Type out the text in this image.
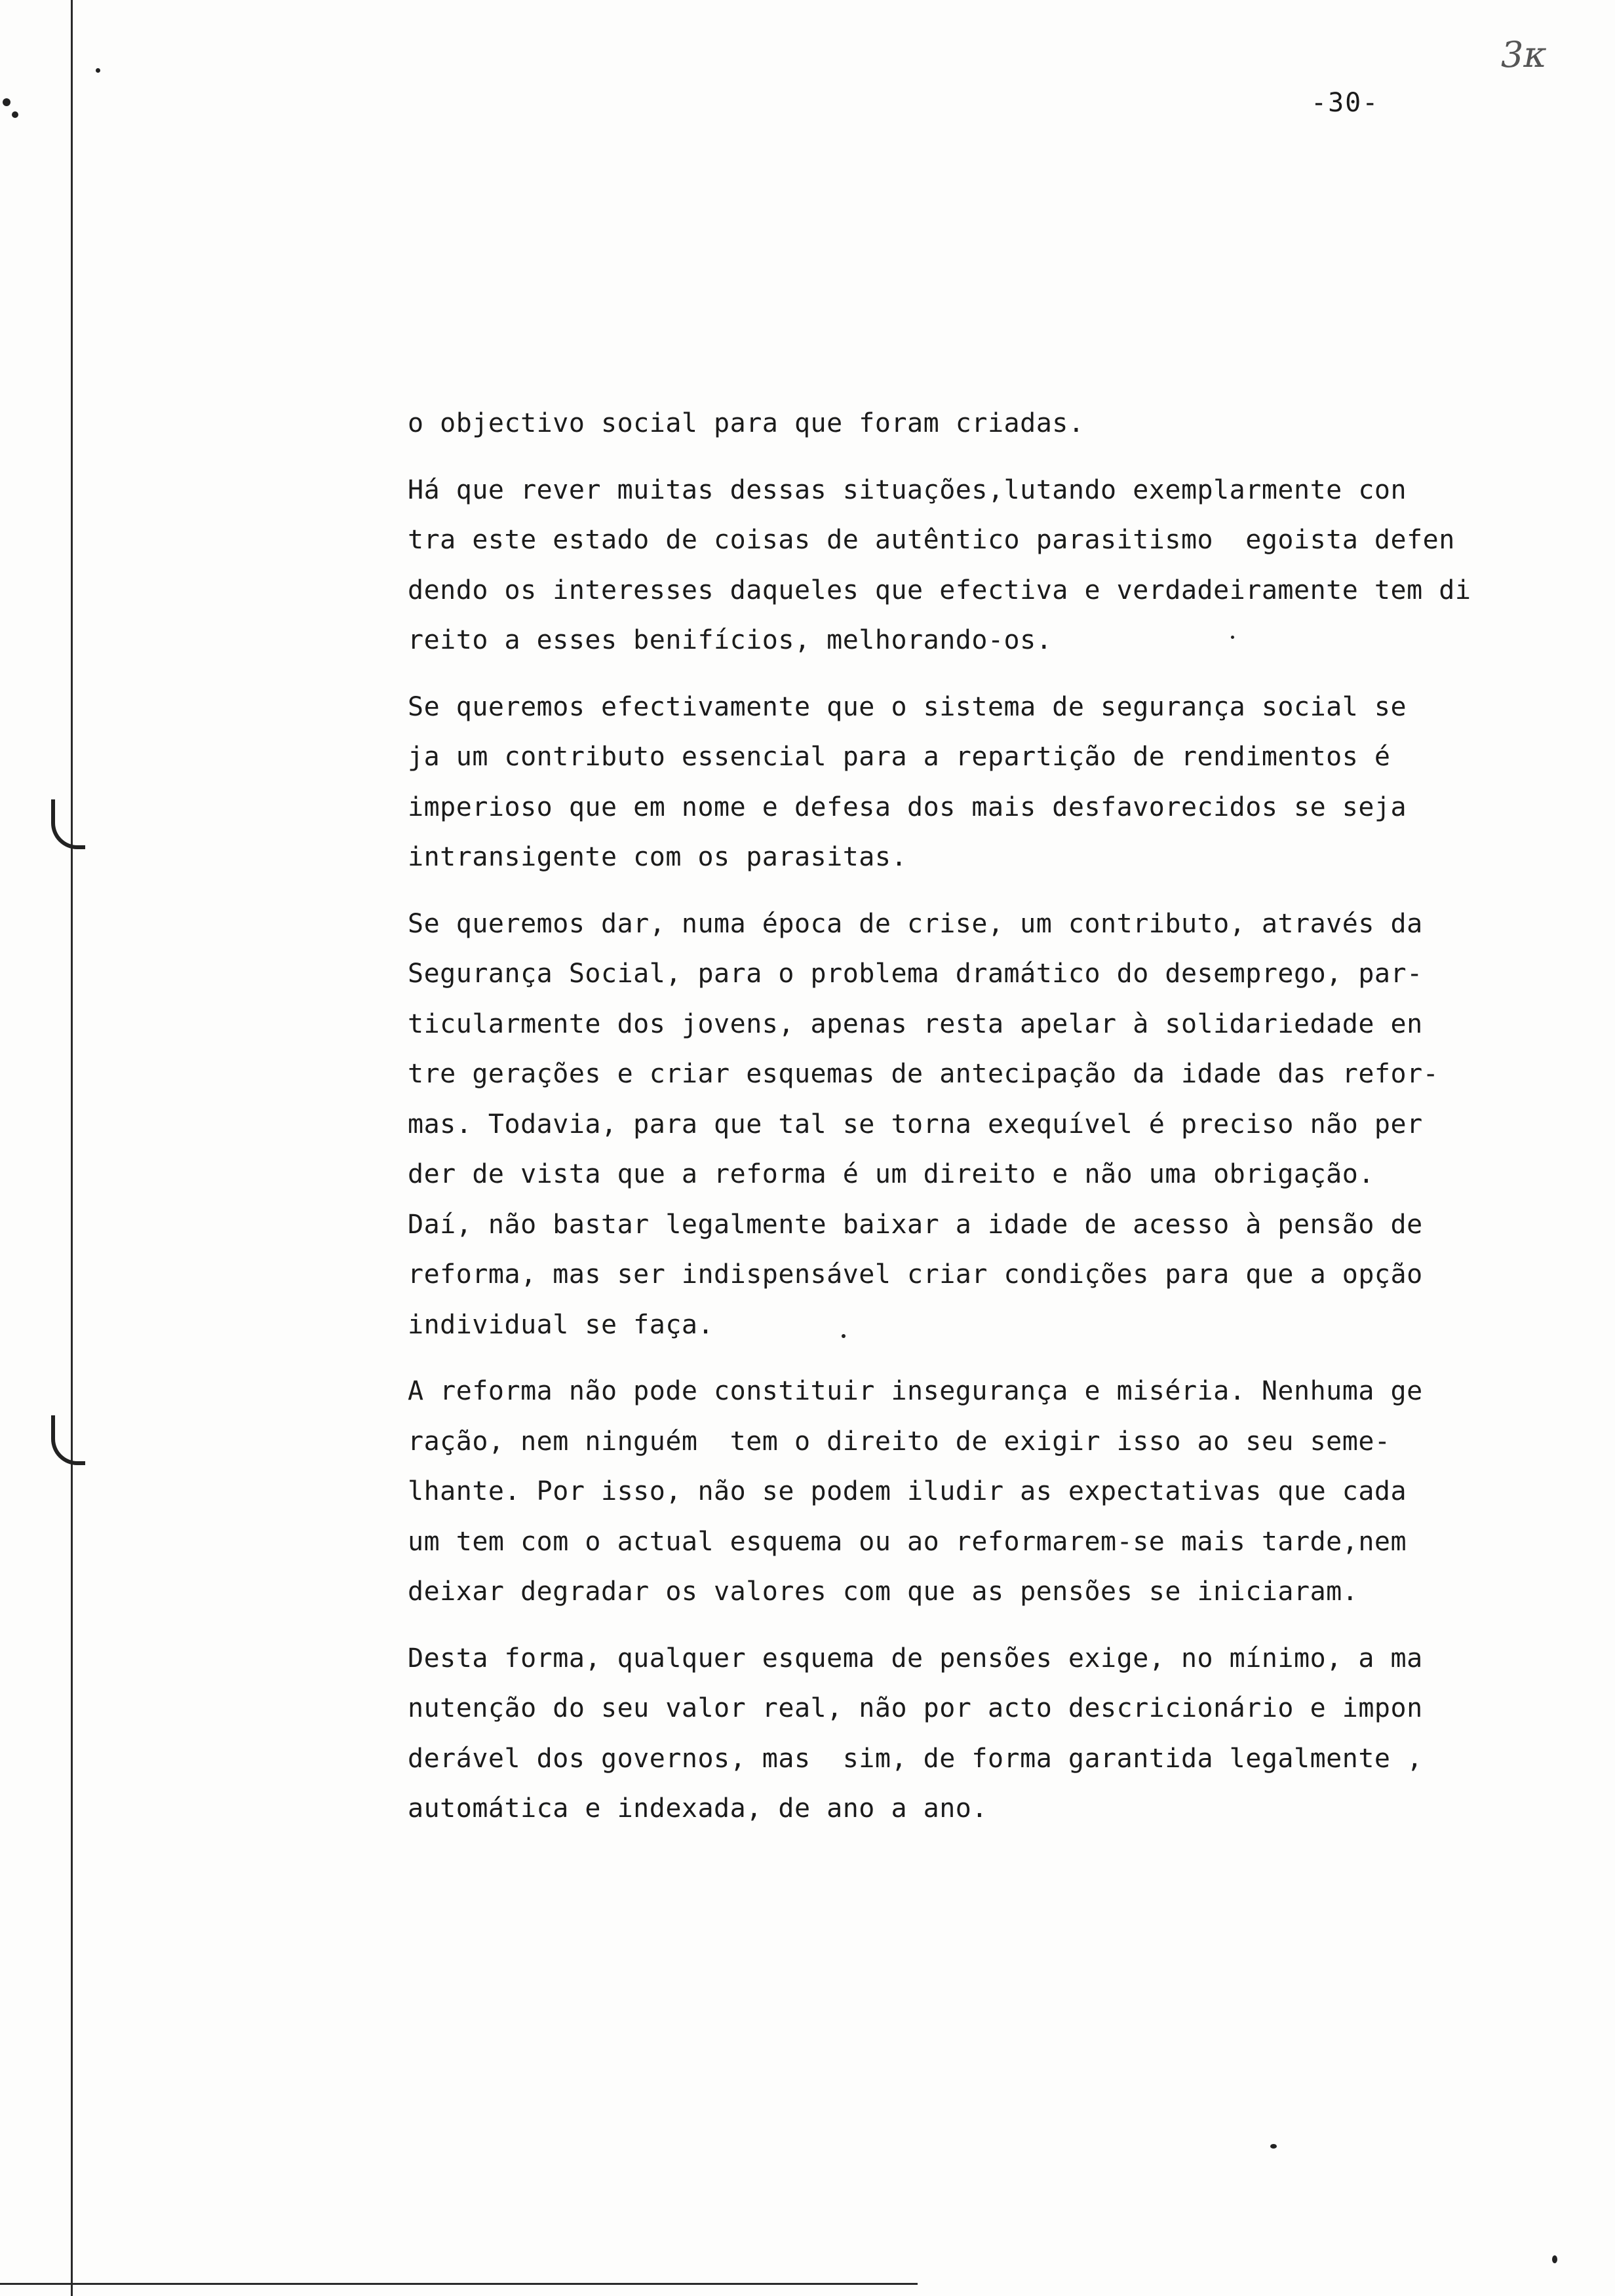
-30-
3κ

o objectivo social para que foram criadas.

Há que rever muitas dessas situações,lutando exemplarmente con
tra este estado de coisas de autêntico parasitismo  egoista defen
dendo os interesses daqueles que efectiva e verdadeiramente tem di
reito a esses benifícios, melhorando-os.

Se queremos efectivamente que o sistema de segurança social se
ja um contributo essencial para a repartição de rendimentos é
imperioso que em nome e defesa dos mais desfavorecidos se seja
intransigente com os parasitas.

Se queremos dar, numa época de crise, um contributo, através da
Segurança Social, para o problema dramático do desemprego, par-
ticularmente dos jovens, apenas resta apelar à solidariedade en
tre gerações e criar esquemas de antecipação da idade das refor-
mas. Todavia, para que tal se torna exequível é preciso não per
der de vista que a reforma é um direito e não uma obrigação.
Daí, não bastar legalmente baixar a idade de acesso à pensão de
reforma, mas ser indispensável criar condições para que a opção
individual se faça.

A reforma não pode constituir insegurança e miséria. Nenhuma ge
ração, nem ninguém  tem o direito de exigir isso ao seu seme-
lhante. Por isso, não se podem iludir as expectativas que cada
um tem com o actual esquema ou ao reformarem-se mais tarde,nem
deixar degradar os valores com que as pensões se iniciaram.

Desta forma, qualquer esquema de pensões exige, no mínimo, a ma
nutenção do seu valor real, não por acto descricionário e impon
derável dos governos, mas  sim, de forma garantida legalmente ,
automática e indexada, de ano a ano.
